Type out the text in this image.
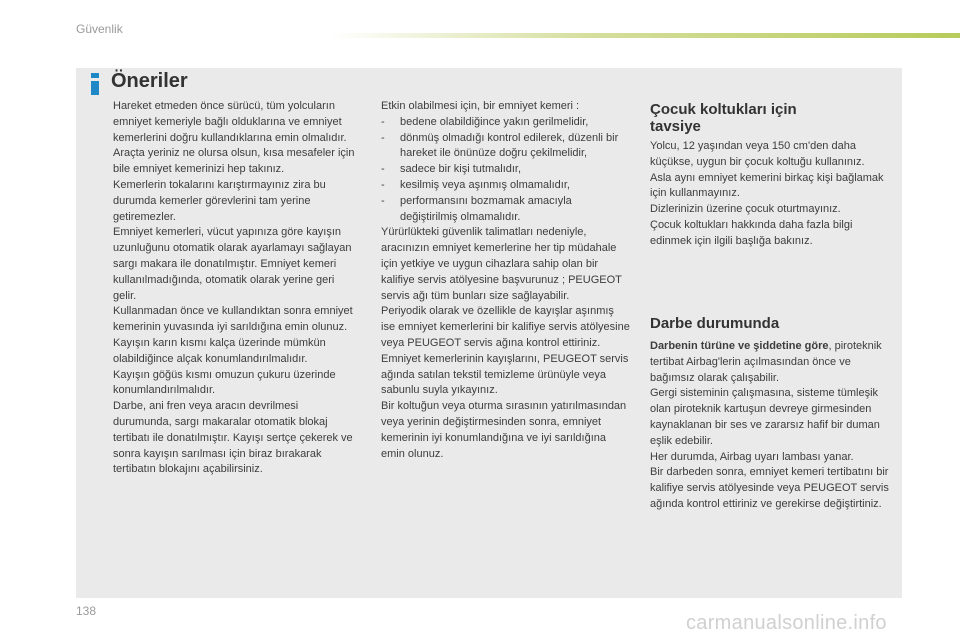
Güvenlik
Öneriler

Hareket etmeden önce sürücü, tüm yolcuların emniyet kemeriyle bağlı olduklarına ve emniyet kemerlerini doğru kullandıklarına emin olmalıdır.

Araçta yeriniz ne olursa olsun, kısa mesafeler için bile emniyet kemerinizi hep takınız.

Kemerlerin tokalarını karıştırmayınız zira bu durumda kemerler görevlerini tam yerine getiremezler.

Emniyet kemerleri, vücut yapınıza göre kayışın uzunluğunu otomatik olarak ayarlamayı sağlayan sargı makara ile donatılmıştır. Emniyet kemeri kullanılmadığında, otomatik olarak yerine geri gelir.

Kullanmadan önce ve kullandıktan sonra emniyet kemerinin yuvasında iyi sarıldığına emin olunuz.

Kayışın karın kısmı kalça üzerinde mümkün olabildiğince alçak konumlandırılmalıdır.

Kayışın göğüs kısmı omuzun çukuru üzerinde konumlandırılmalıdır.

Darbe, ani fren veya aracın devrilmesi durumunda, sargı makaralar otomatik blokaj tertibatı ile donatılmıştır. Kayışı sertçe çekerek ve sonra kayışın sarılması için biraz bırakarak tertibatın blokajını açabilirsiniz.

Etkin olabilmesi için, bir emniyet kemeri :

-	bedene olabildiğince yakın gerilmelidir,
-	dönmüş olmadığı kontrol edilerek, düzenli bir hareket ile önünüze doğru çekilmelidir,
-	sadece bir kişi tutmalıdır,
-	kesilmiş veya aşınmış olmamalıdır,
-	performansını bozmamak amacıyla değiştirilmiş olmamalıdır.

Yürürlükteki güvenlik talimatları nedeniyle, aracınızın emniyet kemerlerine her tip müdahale için yetkiye ve uygun cihazlara sahip olan bir kalifiye servis atölyesine başvurunuz ; PEUGEOT servis ağı tüm bunları size sağlayabilir.

Periyodik olarak ve özellikle de kayışlar aşınmış ise emniyet kemerlerini bir kalifiye servis atölyesine veya PEUGEOT servis ağına kontrol ettiriniz.

Emniyet kemerlerinin kayışlarını, PEUGEOT servis ağında satılan tekstil temizleme ürünüyle veya sabunlu suyla yıkayınız.

Bir koltuğun veya oturma sırasının yatırılmasından veya yerinin değiştirmesinden sonra, emniyet kemerinin iyi konumlandığına ve iyi sarıldığına emin olunuz.

Çocuk koltukları için tavsiye

Yolcu, 12 yaşından veya 150 cm'den daha küçükse, uygun bir çocuk koltuğu kullanınız.

Asla aynı emniyet kemerini birkaç kişi bağlamak için kullanmayınız.

Dizlerinizin üzerine çocuk oturtmayınız.

Çocuk koltukları hakkında daha fazla bilgi edinmek için ilgili başlığa bakınız.

Darbe durumunda

Darbenin türüne ve şiddetine göre, piroteknik tertibat Airbag'lerin açılmasından önce ve bağımsız olarak çalışabilir.

Gergi sisteminin çalışmasına, sisteme tümleşik olan piroteknik kartuşun devreye girmesinden kaynaklanan bir ses ve zararsız hafif bir duman eşlik edebilir.

Her durumda, Airbag uyarı lambası yanar.

Bir darbeden sonra, emniyet kemeri tertibatını bir kalifiye servis atölyesinde veya PEUGEOT servis ağında kontrol ettiriniz ve gerekirse değiştirtiniz.

138
carmanualsonline.info
